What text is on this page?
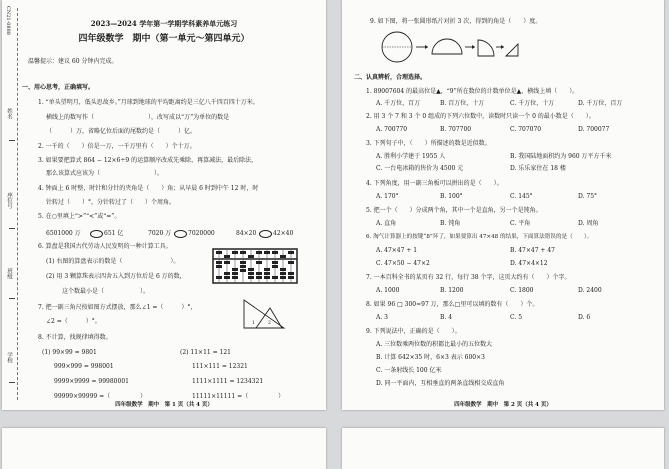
CN21-0888
学校
班级
座位号
姓名
2023—2024 学年第一学期学科素养单元练习
四年级数学　期中（第一单元～第四单元）
温馨提示：建议 60 分钟内完成。
一、用心思考，正确填写。
1. “单头望明月，低头思故乡。”月球到地球的平均距离约是三亿八千四百四十万米。
横线上的数写作（　　　　　　　　　），改写成以“万”为单位的数是
（　　　）万，省略亿位后面的尾数约是（　　　）亿。
2. 一千的（　　）倍是一万，一千万里有（　　）个十万。
3. 如果要把算式 864 − 12×6÷9 的运算顺序改成先乘除，再算减法，最后除法，
那么该算式应该为（　　　　　　　　　）。
4. 钟面上 6 时整，时针和分针的夹角是（　　）角；从早晨 6 时到中午 12 时，时
针转过（　　）°，分针转过了（　　）个周角。
5. 在○里填上“>”“<”或“=”。
6501000 万	651 亿	7020 万	7020000	84×20	42×40
6. 算盘是我国古代劳动人民发明的一种计算工具。
(1) 右图的算盘表示的数是（　　　　　　　　）。
(2) 用 3 颗算珠表示四舍五入到万位后是 6 万的数，
这个数最小是（　　　　　　）。
7. 把一副三角尺按如图方式摆放，那么∠1 =（　　　）°，
∠2 =（　　　）°。	1	2
8. 不计算，找规律填得数。
(1) 99×99 = 9801
999×999 = 998001
9999×9999 = 99980001
99999×99999 =（　　　　　）
(2) 11×11 = 121
111×111 = 12321
1111×1111 = 1234321
11111×11111 =（　　　　　）
四年级数学　期中　第 1 页（共 4 页）
9. 如下图，将一张圆形纸片对折 3 次，得到的角是（　　）度。
二、认真辨析，合理选择。
1. 89007604 的最高位是▲，“9”所在数位的计数单位是▲，横线上填（　　）。
A. 千万位，百万	B. 百万位，十万	C. 千万位，十万	D. 千万位，百万
2. 用 3 个 7 和 3 个 0 组成的下列六位数中，读数时只读一个 0 的最小数是（　　）。
A. 700770	B. 707700	C. 707070	D. 700077
3. 下列句子中，（　　）所描述的数是近似数。
A. 胜利小学建于 1955 人	B. 我国陆地面积约为 960 万平方千米
C. 一台电冰箱的售价为 4500 元	D. 乐乐家住在 18 楼
4. 下列角度，用一副三角板可以拼出的是（　　）。
A. 170°	B. 100°	C. 145°	D. 75°
5. 把一个（　　）分成两个角，其中一个是直角，另一个是钝角。
A. 直角	B. 钝角	C. 平角	D. 周角
6. 淘气计算器上的按键“8”坏了，如果要算出 47×48 的结果，下面算法错误的是（　　）。
A. 47×47 + 1	B. 47×47 + 47
C. 47×50 − 47×2	D. 47×4×12
7. 一本百科全书的某页有 32 行，每行 38 个字，这页大约有（　　）个字。
A. 1000	B. 1200	C. 1800	D. 2400
8. 如果 96 □ 300≈97 万，那么□里可以填的数有（　　）个。
A. 3	B. 4	C. 5	D. 6
9. 下列说法中，正确的是（　　）。
A. 三位数乘两位数的积都比最小的五位数大
B. 计算 642×35 时，6×3 表示 600×3
C. 一条射线长 100 亿米
D. 同一平面内，互相垂直的两条直线相交成直角
四年级数学　期中　第 2 页（共 4 页）
